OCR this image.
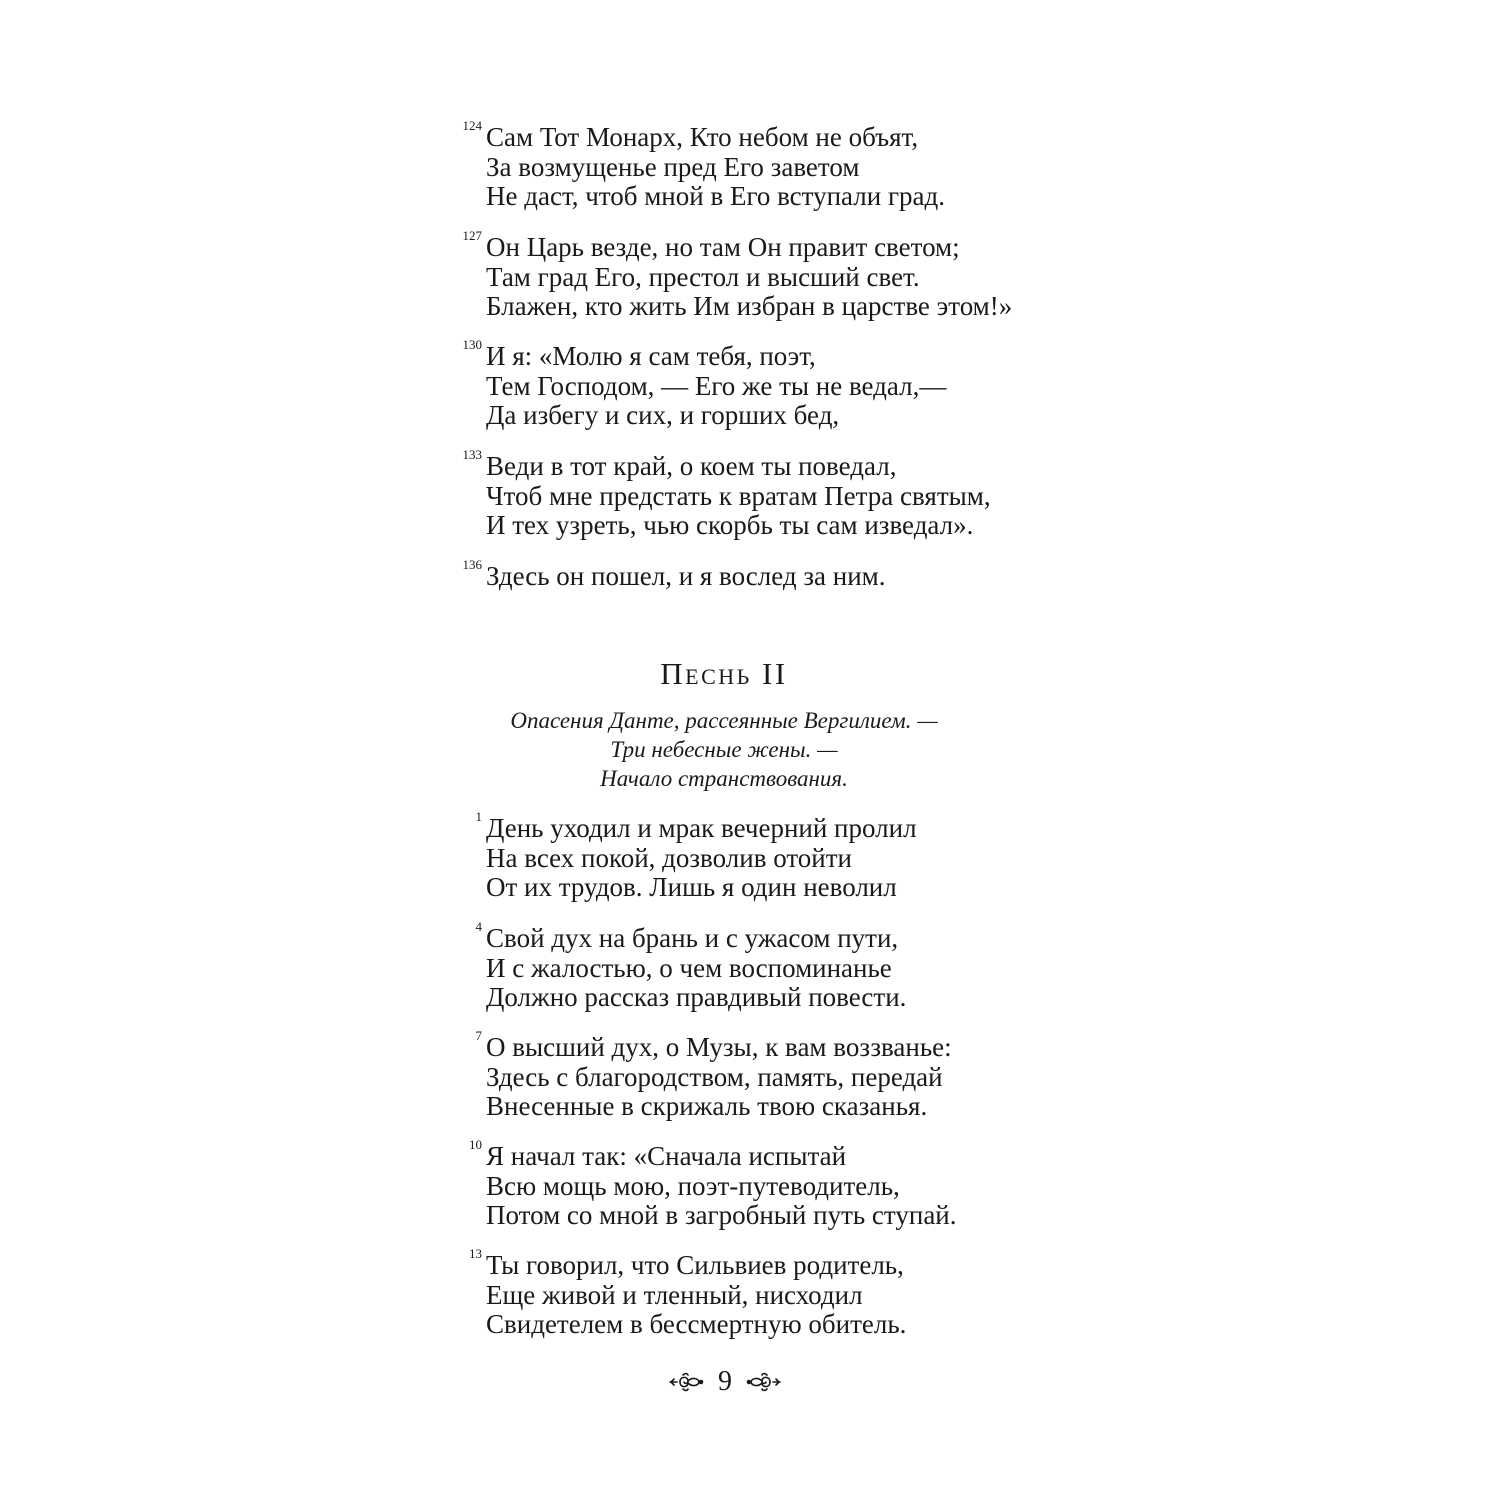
124 Сам Тот Монарх, Кто небом не объят,
За возмущенье пред Его заветом
Не даст, чтоб мной в Его вступали град.
127 Он Царь везде, но там Он правит светом;
Там град Его, престол и высший свет.
Блажен, кто жить Им избран в царстве этом!»
130 И я: «Молю я сам тебя, поэт,
Тем Господом, — Его же ты не ведал,—
Да избегу и сих, и горших бед,
133 Веди в тот край, о коем ты поведал,
Чтоб мне предстать к вратам Петра святым,
И тех узреть, чью скорбь ты сам изведал».
136 Здесь он пошел, и я вослед за ним.
Песнь II
Опасения Данте, рассеянные Вергилием. —
Три небесные жены. —
Начало странствования.
1 День уходил и мрак вечерний пролил
На всех покой, дозволив отойти
От их трудов. Лишь я один неволил
4 Свой дух на брань и с ужасом пути,
И с жалостью, о чем воспоминанье
Должно рассказ правдивый повести.
7 О высший дух, о Музы, к вам воззванье:
Здесь с благородством, память, передай
Внесенные в скрижаль твою сказанья.
10 Я начал так: «Сначала испытай
Всю мощь мою, поэт-путеводитель,
Потом со мной в загробный путь ступай.
13 Ты говорил, что Сильвиев родитель,
Еще живой и тленный, нисходил
Свидетелем в бессмертную обитель.
9
